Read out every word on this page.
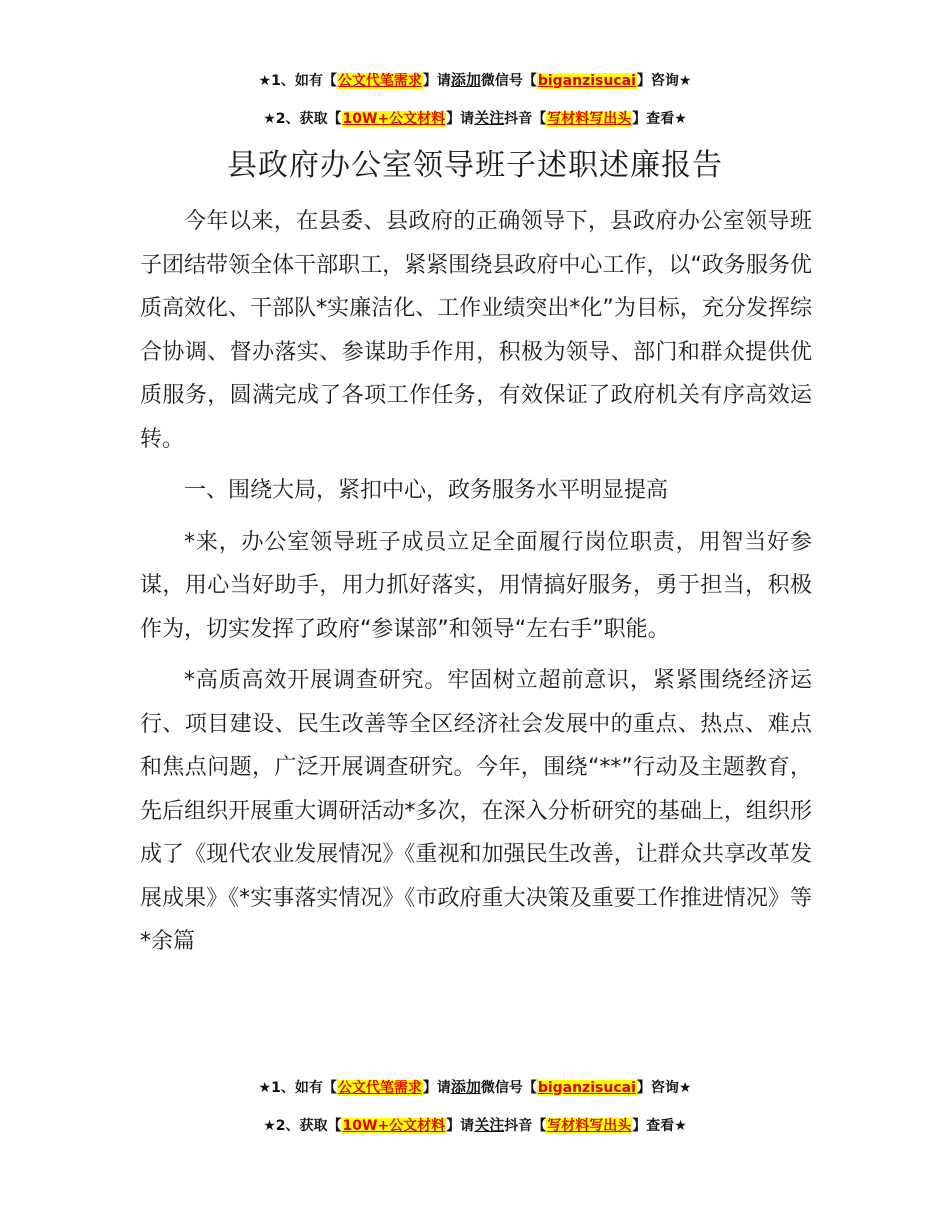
★1、如有【公文代笔需求】请添加微信号【biganzisucai】咨询★
★2、获取【10W+公文材料】请关注抖音【写材料写出头】查看★
县政府办公室领导班子述职述廉报告

今年以来，在县委、县政府的正确领导下，县政府办公室领导班子团结带领全体干部职工，紧紧围绕县政府中心工作，以“政务服务优质高效化、干部队*实廉洁化、工作业绩突出*化”为目标，充分发挥综合协调、督办落实、参谋助手作用，积极为领导、部门和群众提供优质服务，圆满完成了各项工作任务，有效保证了政府机关有序高效运转。

一、围绕大局，紧扣中心，政务服务水平明显提高

*来，办公室领导班子成员立足全面履行岗位职责，用智当好参谋，用心当好助手，用力抓好落实，用情搞好服务，勇于担当，积极作为，切实发挥了政府“参谋部”和领导“左右手”职能。

*高质高效开展调查研究。牢固树立超前意识，紧紧围绕经济运行、项目建设、民生改善等全区经济社会发展中的重点、热点、难点和焦点问题，广泛开展调查研究。今年，围绕“**”行动及主题教育，先后组织开展重大调研活动*多次，在深入分析研究的基础上，组织形成了《现代农业发展情况》《重视和加强民生改善，让群众共享改革发展成果》《*实事落实情况》《市政府重大决策及重要工作推进情况》等*余篇

★1、如有【公文代笔需求】请添加微信号【biganzisucai】咨询★
★2、获取【10W+公文材料】请关注抖音【写材料写出头】查看★
